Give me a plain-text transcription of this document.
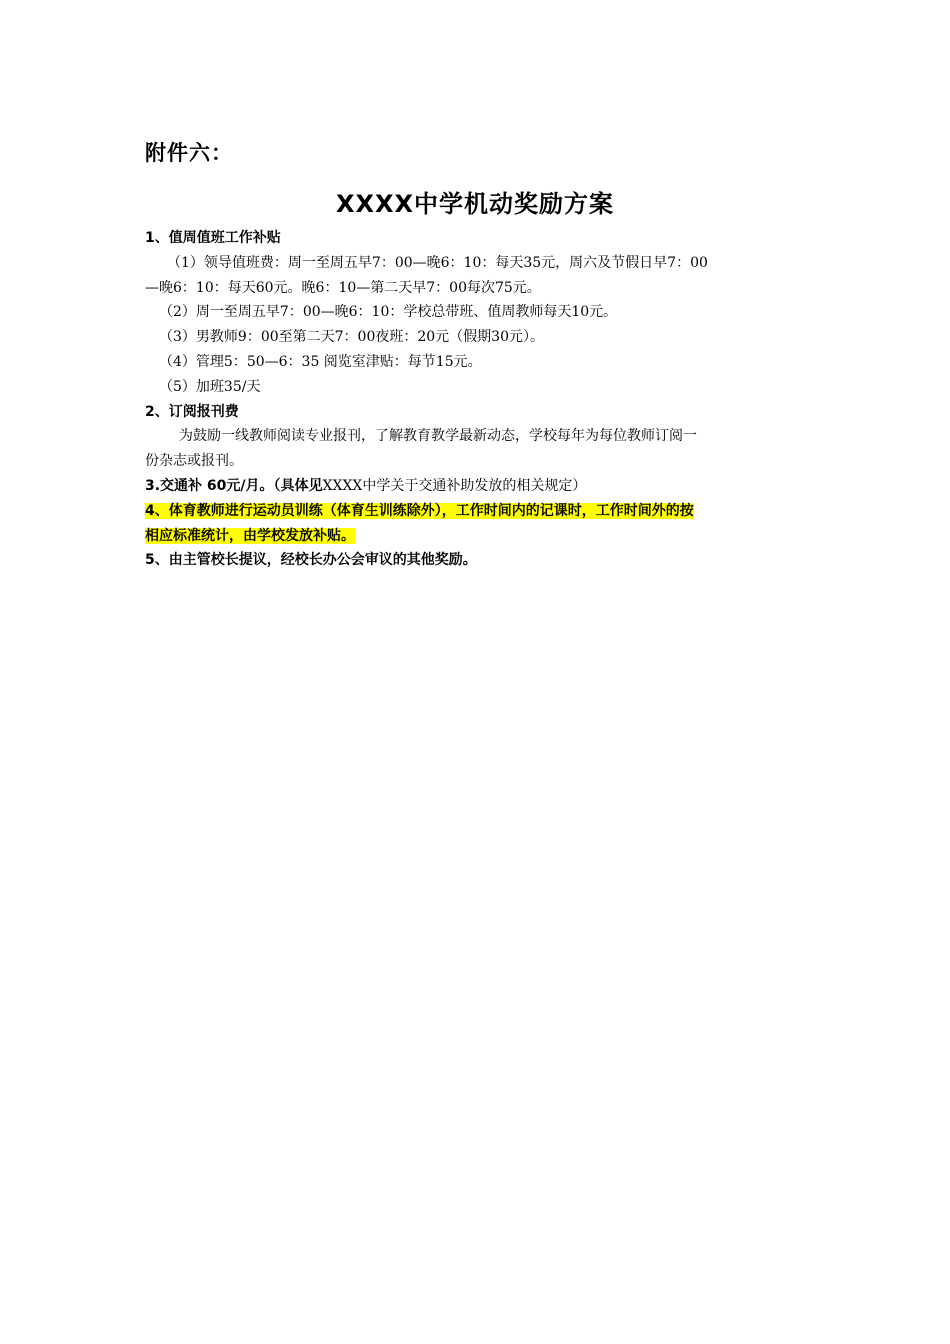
附件六：
XXXX中学机动奖励方案
1、值周值班工作补贴
（1）领导值班费：周一至周五早7：00—晚6：10：每天35元，周六及节假日早7：00
—晚6：10：每天60元。晚6：10—第二天早7：00每次75元。
（2）周一至周五早7：00—晚6：10：学校总带班、值周教师每天10元。
（3）男教师9：00至第二天7：00夜班：20元（假期30元）。
（4）管理5：50—6：35 阅览室津贴：每节15元。
（5）加班35/天
2、订阅报刊费
为鼓励一线教师阅读专业报刊，了解教育教学最新动态，学校每年为每位教师订阅一
份杂志或报刊。
3.交通补 60元/月。（具体见XXXX中学关于交通补助发放的相关规定）
4、体育教师进行运动员训练（体育生训练除外），工作时间内的记课时，工作时间外的按
相应标准统计，由学校发放补贴。
5、由主管校长提议，经校长办公会审议的其他奖励。
